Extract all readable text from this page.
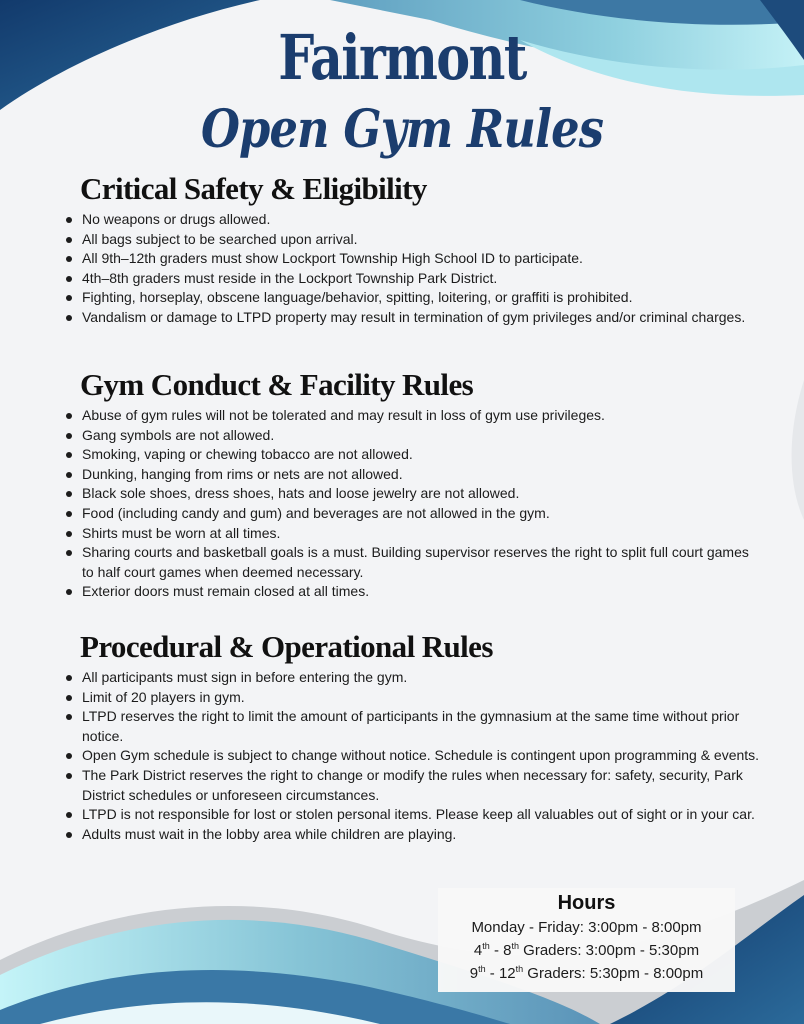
Fairmont
Open Gym Rules
Critical Safety & Eligibility
No weapons or drugs allowed.
All bags subject to be searched upon arrival.
All 9th–12th graders must show Lockport Township High School ID to participate.
4th–8th graders must reside in the Lockport Township Park District.
Fighting, horseplay, obscene language/behavior, spitting, loitering, or graffiti is prohibited.
Vandalism or damage to LTPD property may result in termination of gym privileges and/or criminal charges.
Gym Conduct & Facility Rules
Abuse of gym rules will not be tolerated and may result in loss of gym use privileges.
Gang symbols are not allowed.
Smoking, vaping or chewing tobacco are not allowed.
Dunking, hanging from rims or nets are not allowed.
Black sole shoes, dress shoes, hats and loose jewelry are not allowed.
Food (including candy and gum) and beverages are not allowed in the gym.
Shirts must be worn at all times.
Sharing courts and basketball goals is a must. Building supervisor reserves the right to split full court games to half court games when deemed necessary.
Exterior doors must remain closed at all times.
Procedural & Operational Rules
All participants must sign in before entering the gym.
Limit of 20 players in gym.
LTPD reserves the right to limit the amount of participants in the gymnasium at the same time without prior notice.
Open Gym schedule is subject to change without notice. Schedule is contingent upon programming & events.
The Park District reserves the right to change or modify the rules when necessary for: safety, security, Park District schedules or unforeseen circumstances.
LTPD is not responsible for lost or stolen personal items. Please keep all valuables out of sight or in your car.
Adults must wait in the lobby area while children are playing.
Hours
Monday - Friday: 3:00pm - 8:00pm
4th - 8th Graders: 3:00pm - 5:30pm
9th - 12th Graders: 5:30pm - 8:00pm
